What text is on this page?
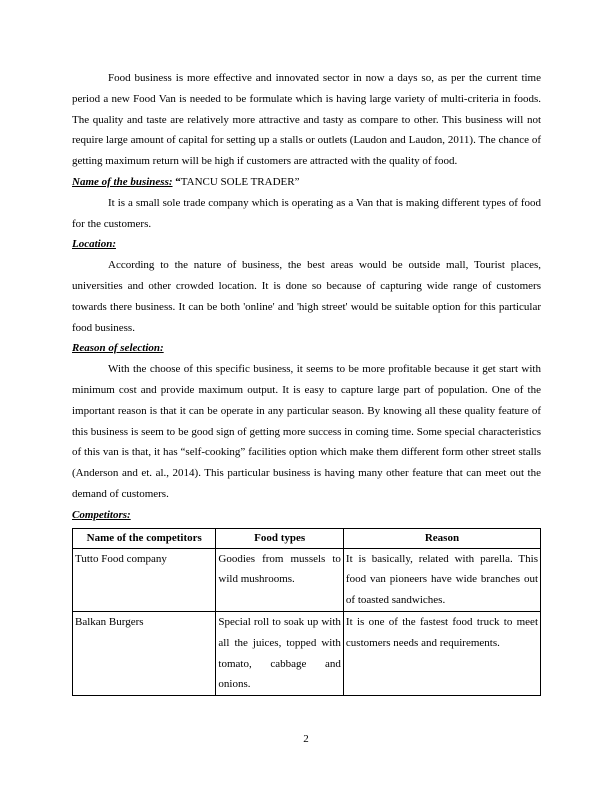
Food business is more effective and innovated sector in now a days so, as per the current time period a new Food Van is needed to be formulate which is having large variety of multi-criteria in foods. The quality and taste are relatively more attractive and tasty as compare to other. This business will not require large amount of capital for setting up a stalls or outlets (Laudon and Laudon, 2011). The chance of getting maximum return will be high if customers are attracted with the quality of food.

Name of the business: “TANCU SOLE TRADER”

It is a small sole trade company which is operating as a Van that is making different types of food for the customers.

Location:

According to the nature of business, the best areas would be outside mall, Tourist places, universities and other crowded location. It is done so because of capturing wide range of customers towards there business. It can be both 'online' and 'high street' would be suitable option for this particular food business.

Reason of selection:

With the choose of this specific business, it seems to be more profitable because it get start with minimum cost and provide maximum output. It is easy to capture large part of population. One of the important reason is that it can be operate in any particular season. By knowing all these quality feature of this business is seem to be good sign of getting more success in coming time. Some special characteristics of this van is that, it has “self-cooking” facilities option which make them different form other street stalls (Anderson and et. al., 2014). This particular business is having many other feature that can meet out the demand of customers.

Competitors:

Name of the competitors	Food types	Reason
Tutto Food company	Goodies from mussels to wild mushrooms.	It is basically, related with parella. This food van pioneers have wide branches out of toasted sandwiches.
Balkan Burgers	Special roll to soak up with all the juices, topped with tomato, cabbage and onions.	It is one of the fastest food truck to meet customers needs and requirements.
2
